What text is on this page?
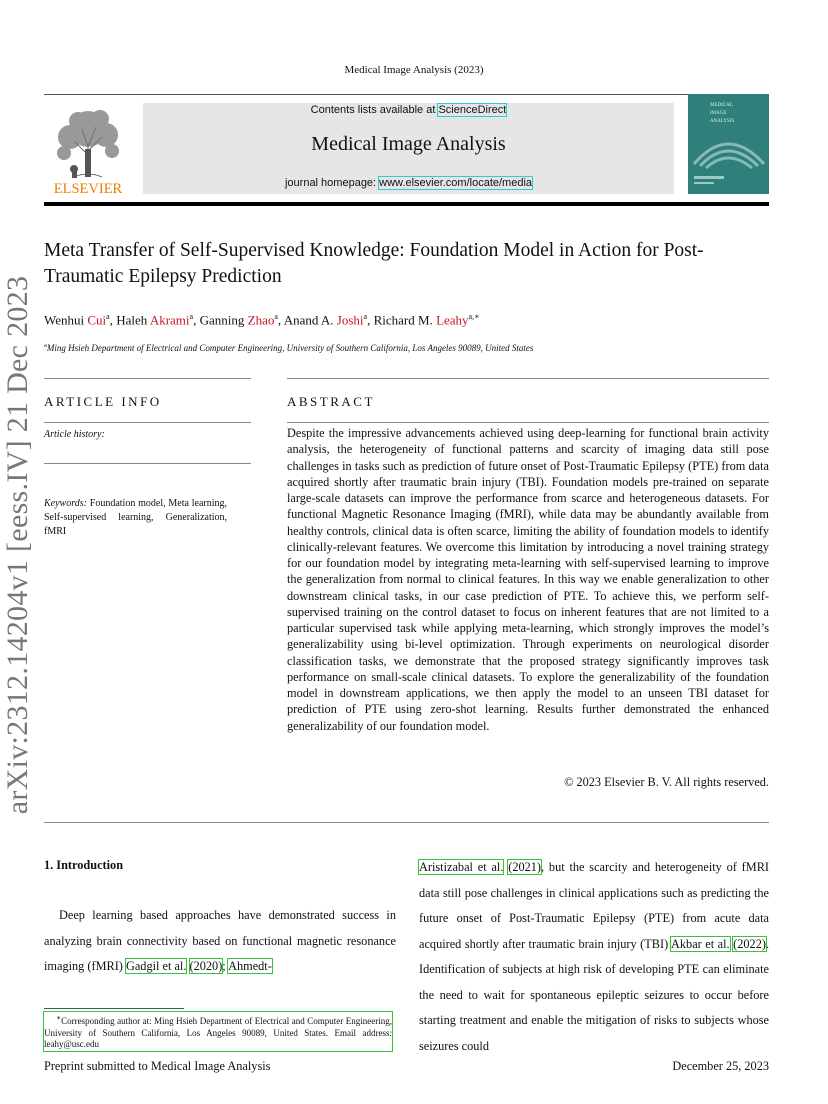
Medical Image Analysis (2023)
ELSEVIER
Contents lists available at ScienceDirect
Medical Image Analysis
journal homepage: www.elsevier.com/locate/media
MEDICAL
IMAGE
ANALYSIS
Meta Transfer of Self-Supervised Knowledge: Foundation Model in Action for Post-Traumatic Epilepsy Prediction
arXiv:2312.14204v1 [eess.IV] 21 Dec 2023 Wenhui Cui$^a$, Haleh Akrami$^a$, Ganning Zhao$^a$, Anand A. Joshi$^a$, Richard M. Leahy$^{a,∗}$
$^a$Ming Hsieh Department of Electrical and Computer Engineering, University of Southern California, Los Angeles 90089, United States
ARTICLE INFO	ABSTRACT
Article history:
Keywords: Foundation model, Meta learning, Self-supervised learning, Generalization, fMRI
Despite the impressive advancements achieved using deep-learning for functional brain activity analysis, the heterogeneity of functional patterns and scarcity of imaging data still pose challenges in tasks such as prediction of future onset of Post-Traumatic Epilepsy (PTE) from data acquired shortly after traumatic brain injury (TBI). Foundation models pre-trained on separate large-scale datasets can improve the performance from scarce and heterogeneous datasets. For functional Magnetic Resonance Imaging (fMRI), while data may be abundantly available from healthy controls, clinical data is often scarce, limiting the ability of foundation models to identify clinically-relevant features. We overcome this limitation by introducing a novel training strategy for our foundation model by integrating meta-learning with self-supervised learning to improve the generalization from normal to clinical features. In this way we enable generalization to other downstream clinical tasks, in our case prediction of PTE. To achieve this, we perform self-supervised training on the control dataset to focus on inherent features that are not limited to a particular supervised task while applying meta-learning, which strongly improves the model’s generalizability using bi-level optimization. Through experiments on neurological disorder classification tasks, we demonstrate that the proposed strategy significantly improves task performance on small-scale clinical datasets. To explore the generalizability of the foundation model in downstream applications, we then apply the model to an unseen TBI dataset for prediction of PTE using zero-shot learning. Results further demonstrated the enhanced generalizability of our foundation model.
© 2023 Elsevier B. V. All rights reserved.
1. Introduction
Deep learning based approaches have demonstrated success in analyzing brain connectivity based on functional magnetic resonance imaging (fMRI) Gadgil et al. (2020); Ahmedt-
Aristizabal et al. (2021), but the scarcity and heterogeneity of fMRI data still pose challenges in clinical applications such as predicting the future onset of Post-Traumatic Epilepsy (PTE) from acute data acquired shortly after traumatic brain injury (TBI) Akbar et al. (2022). Identification of subjects at high risk of developing PTE can eliminate the need to wait for spontaneous epileptic seizures to occur before starting treatment and enable the mitigation of risks to subjects whose seizures could
∗Corresponding author at: Ming Hsieh Department of Electrical and Computer Engineering, University of Southern California, Los Angeles 90089, United States. Email address: leahy@usc.edu
Preprint submitted to Medical Image Analysis	December 25, 2023
